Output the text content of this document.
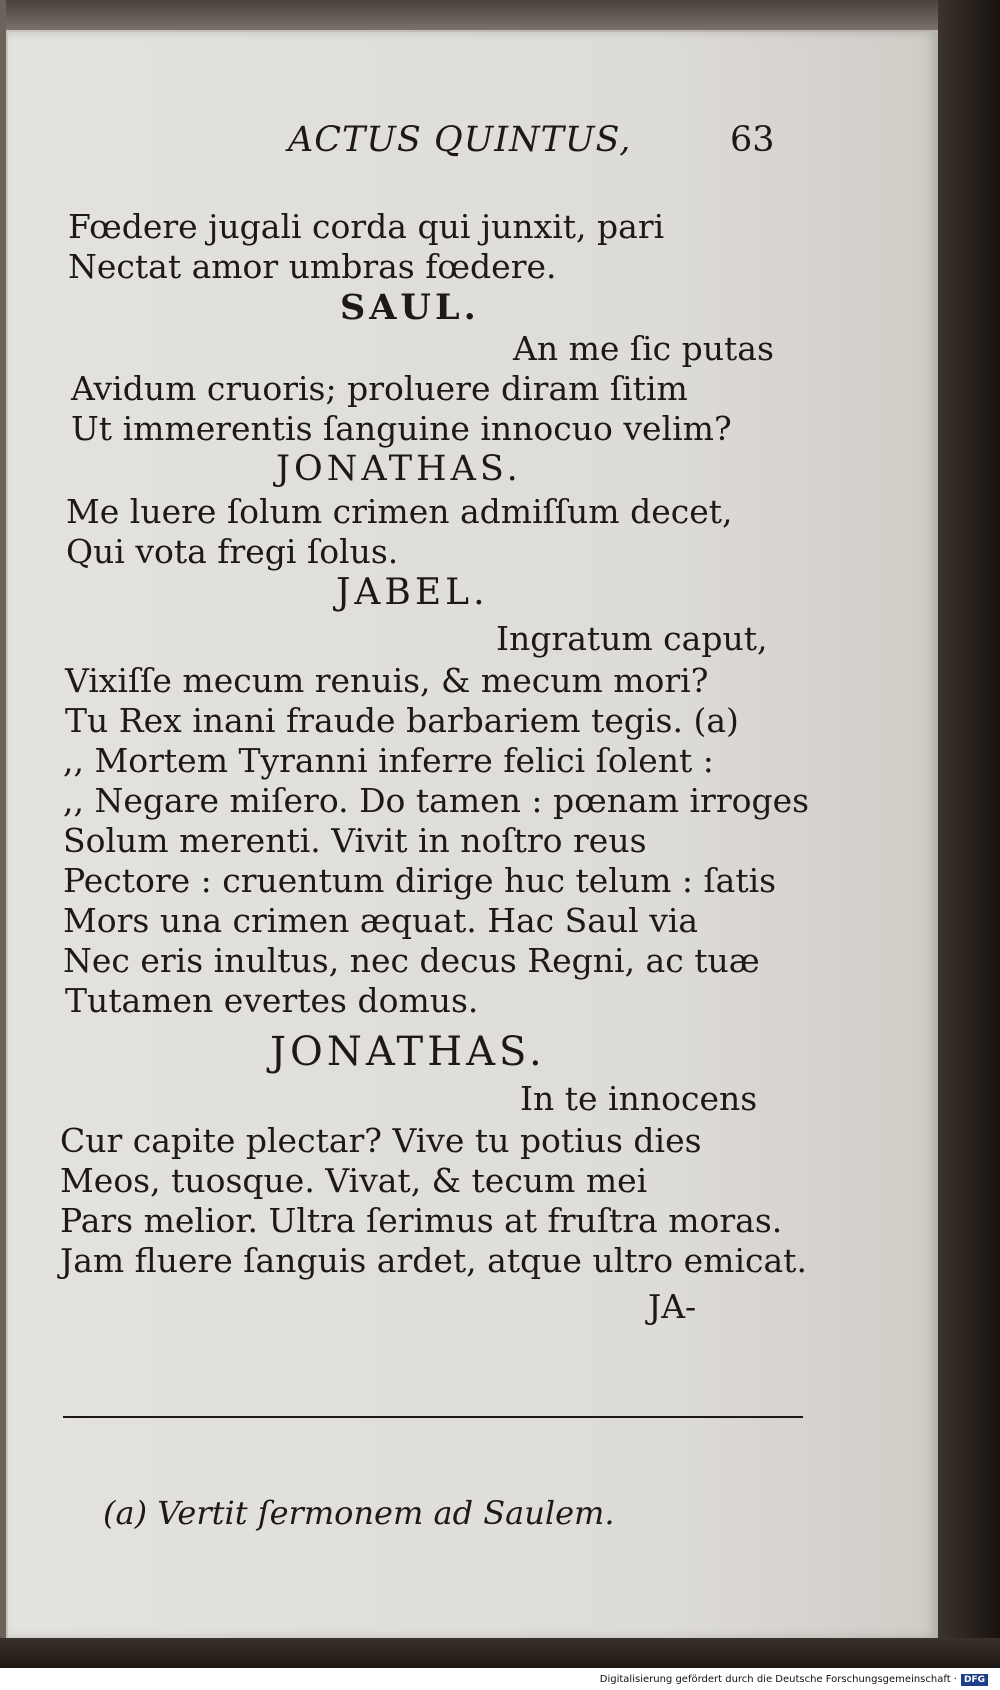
ACTUS QUINTUS,	63
Fœdere jugali corda qui junxit, pari
Nectat amor umbras fœdere.
SAUL.
An me ſic putas
Avidum cruoris; proluere diram ſitim
Ut immerentis ſanguine innocuo velim?
JONATHAS.
Me luere ſolum crimen admiſſum decet,
Qui vota fregi ſolus.
JABEL.
Ingratum caput,
Vixiſſe mecum renuis, & mecum mori?
Tu Rex inani fraude barbariem tegis. (a)
,, Mortem Tyranni inferre felici ſolent :
,, Negare miſero. Do tamen : pœnam irroges
Solum merenti. Vivit in noſtro reus
Pectore : cruentum dirige huc telum : ſatis
Mors una crimen æquat. Hac Saul via
Nec eris inultus, nec decus Regni, ac tuæ
Tutamen evertes domus.
JONATHAS.
In te innocens
Cur capite plectar? Vive tu potius dies
Meos, tuosque. Vivat, & tecum mei
Pars melior. Ultra ſerimus at fruſtra moras.
Jam fluere ſanguis ardet, atque ultro emicat.
JA-
(a) Vertit ſermonem ad Saulem.
Digitalisierung gefördert durch die Deutsche Forschungsgemeinschaft · DFG
